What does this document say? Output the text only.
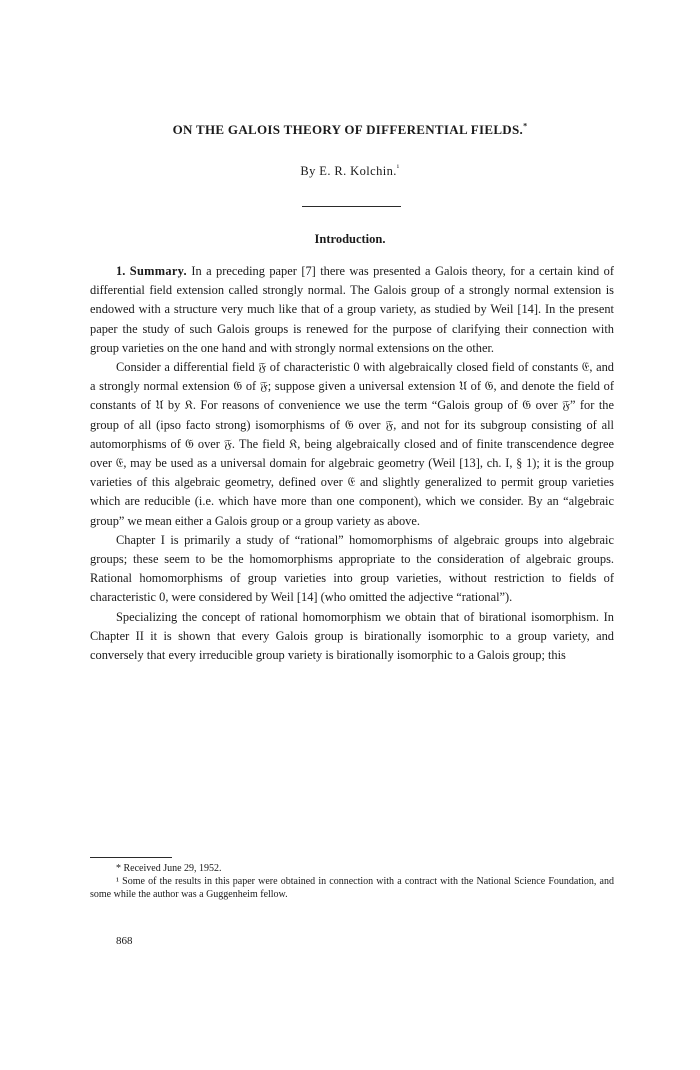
ON THE GALOIS THEORY OF DIFFERENTIAL FIELDS.*
By E. R. Kolchin.$^{^1}$
Introduction.

1. Summary. In a preceding paper [7] there was presented a Galois theory, for a certain kind of differential field extension called strongly normal. The Galois group of a strongly normal extension is endowed with a structure very much like that of a group variety, as studied by Weil [14]. In the present paper the study of such Galois groups is renewed for the purpose of clarifying their connection with group varieties on the one hand and with strongly normal extensions on the other.

Consider a differential field 𝔉 of characteristic 0 with algebraically closed field of constants 𝔈, and a strongly normal extension 𝔊 of 𝔉; suppose given a universal extension 𝔘 of 𝔊, and denote the field of constants of 𝔘 by 𝔎. For reasons of convenience we use the term “Galois group of 𝔊 over 𝔉” for the group of all (ipso facto strong) isomorphisms of 𝔊 over 𝔉, and not for its subgroup consisting of all automorphisms of 𝔊 over 𝔉. The field 𝔎, being algebraically closed and of finite transcendence degree over 𝔈, may be used as a universal domain for algebraic geometry (Weil [13], ch. I, § 1); it is the group varieties of this algebraic geometry, defined over 𝔈 and slightly generalized to permit group varieties which are reducible (i.e. which have more than one component), which we consider. By an “algebraic group” we mean either a Galois group or a group variety as above.

Chapter I is primarily a study of “rational” homomorphisms of algebraic groups into algebraic groups; these seem to be the homomorphisms appropriate to the consideration of algebraic groups. Rational homomorphisms of group varieties into group varieties, without restriction to fields of characteristic 0, were considered by Weil [14] (who omitted the adjective “rational”).

Specializing the concept of rational homomorphism we obtain that of birational isomorphism. In Chapter II it is shown that every Galois group is birationally isomorphic to a group variety, and conversely that every irreducible group variety is birationally isomorphic to a Galois group; this

* Received June 29, 1952.

¹ Some of the results in this paper were obtained in connection with a contract with the National Science Foundation, and some while the author was a Guggenheim fellow.

868
